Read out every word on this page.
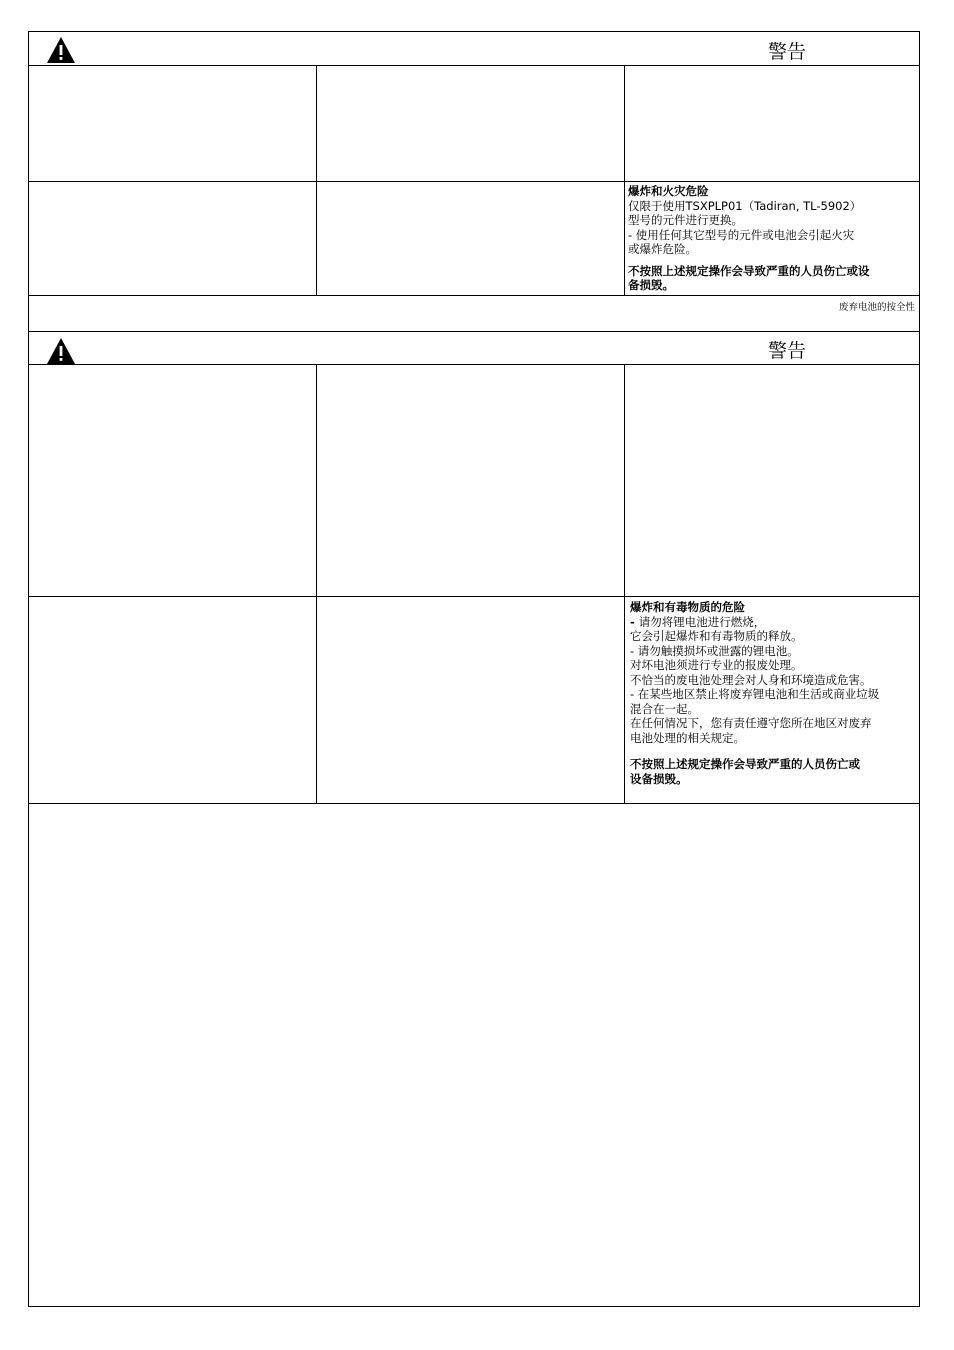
警告

爆炸和火灾危险

仅限于使用TSXPLP01（Tadiran, TL-5902）

型号的元件进行更换。

- 使用任何其它型号的元件或电池会引起火灾

或爆炸危险。

不按照上述规定操作会导致严重的人员伤亡或设

备损毁。

废弃电池的按全性
警告

爆炸和有毒物质的危险

- 请勿将锂电池进行燃烧，

它会引起爆炸和有毒物质的释放。

- 请勿触摸损坏或泄露的锂电池。

对坏电池须进行专业的报废处理。

不恰当的废电池处理会对人身和环境造成危害。

- 在某些地区禁止将废弃锂电池和生活或商业垃圾

混合在一起。

在任何情况下，您有责任遵守您所在地区对废弃

电池处理的相关规定。

不按照上述规定操作会导致严重的人员伤亡或

设备损毁。
